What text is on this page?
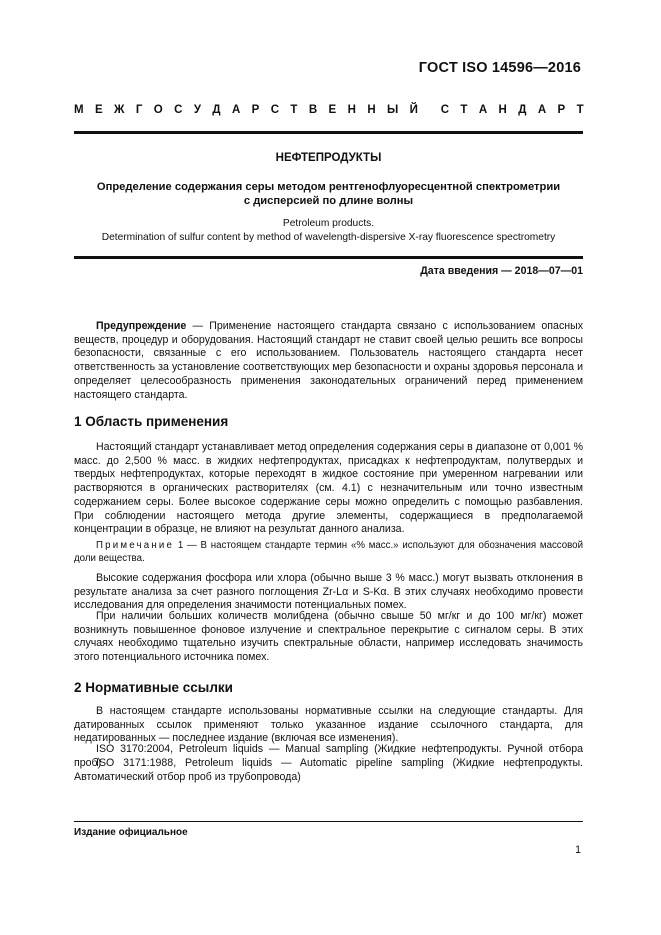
ГОСТ ISO 14596—2016
М Е Ж Г О С У Д А Р С Т В Е Н Н Ы Й С Т А Н Д А Р Т
НЕФТЕПРОДУКТЫ
Определение содержания серы методом рентгенофлуоресцентной спектрометрии
с дисперсией по длине волны
Petroleum products.
Determination of sulfur content by method of wavelength-dispersive X-ray fluorescence spectrometry
Дата введения — 2018—07—01

Предупреждение — Применение настоящего стандарта связано с использованием опасных веществ, процедур и оборудования. Настоящий стандарт не ставит своей целью решить все вопросы безопасности, связанные с его использованием. Пользователь настоящего стандарта несет ответственность за установление соответствующих мер безопасности и охраны здоровья персонала и определяет целесообразность применения законодательных ограничений перед применением настоящего стандарта.

1 Область применения

Настоящий стандарт устанавливает метод определения содержания серы в диапазоне от 0,001 % масс. до 2,500 % масс. в жидких нефтепродуктах, присадках к нефтепродуктам, полутвердых и твердых нефтепродуктах, которые переходят в жидкое состояние при умеренном нагревании или растворяются в органических растворителях (см. 4.1) с незначительным или точно известным содержанием серы. Более высокое содержание серы можно определить с помощью разбавления. При соблюдении настоящего метода другие элементы, содержащиеся в предполагаемой концентрации в образце, не влияют на результат данного анализа.

Примечание 1 — В настоящем стандарте термин «% масс.» используют для обозначения массовой доли вещества.

Высокие содержания фосфора или хлора (обычно выше 3 % масс.) могут вызвать отклонения в результате анализа за счет разного поглощения Zr-Lα и S-Kα. В этих случаях необходимо провести исследования для определения значимости потенциальных помех.

При наличии больших количеств молибдена (обычно свыше 50 мг/кг и до 100 мг/кг) может возникнуть повышенное фоновое излучение и спектральное перекрытие с сигналом серы. В этих случаях необходимо тщательно изучить спектральные области, например исследовать значимость этого потенциального источника помех.

2 Нормативные ссылки

В настоящем стандарте использованы нормативные ссылки на следующие стандарты. Для датированных ссылок применяют только указанное издание ссылочного стандарта, для недатированных — последнее издание (включая все изменения).

ISO 3170:2004, Petroleum liquids — Manual sampling (Жидкие нефтепродукты. Ручной отбора проб)

ISO 3171:1988, Petroleum liquids — Automatic pipeline sampling (Жидкие нефтепродукты. Автоматический отбор проб из трубопровода)

Издание официальное
1
